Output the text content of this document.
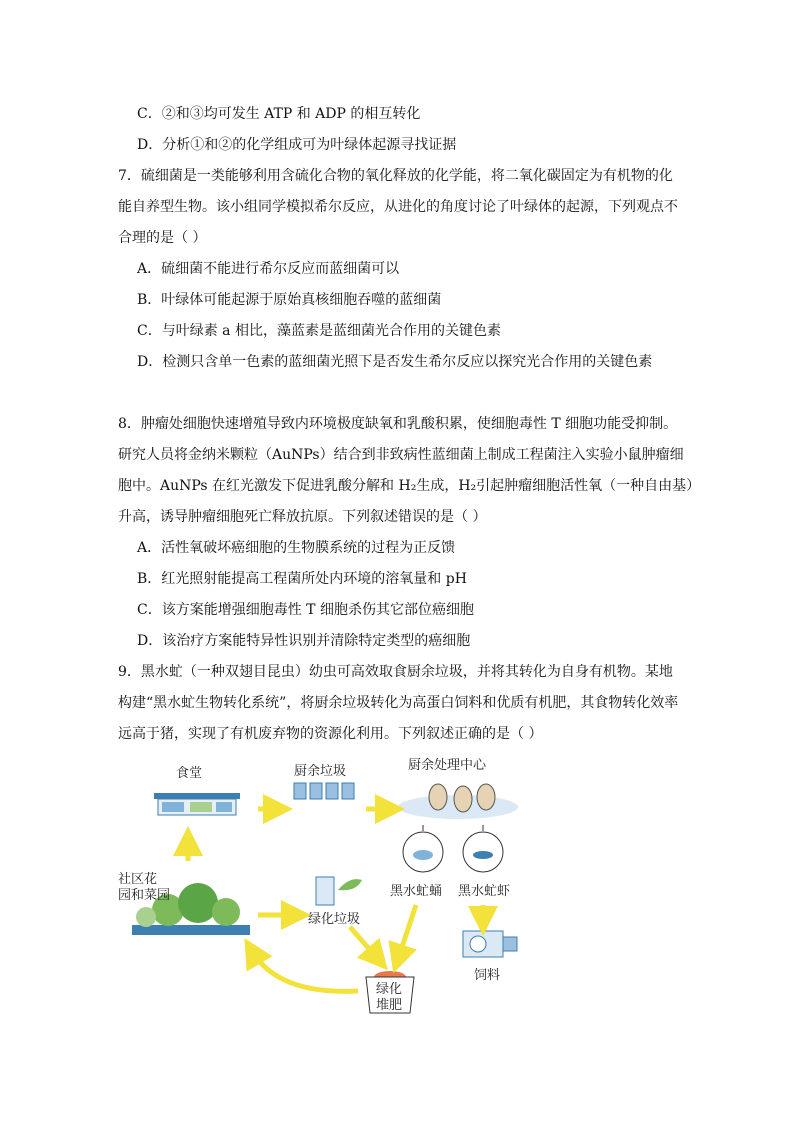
C．②和③均可发生 ATP 和 ADP 的相互转化
D．分析①和②的化学组成可为叶绿体起源寻找证据
7．硫细菌是一类能够利用含硫化合物的氧化释放的化学能，将二氧化碳固定为有机物的化
能自养型生物。该小组同学模拟希尔反应，从进化的角度讨论了叶绿体的起源，下列观点不
合理的是（ ）
A．硫细菌不能进行希尔反应而蓝细菌可以
B．叶绿体可能起源于原始真核细胞吞噬的蓝细菌
C．与叶绿素 a 相比，藻蓝素是蓝细菌光合作用的关键色素
D．检测只含单一色素的蓝细菌光照下是否发生希尔反应以探究光合作用的关键色素
8．肿瘤处细胞快速增殖导致内环境极度缺氧和乳酸积累，使细胞毒性 T 细胞功能受抑制。
研究人员将金纳米颗粒（AuNPs）结合到非致病性蓝细菌上制成工程菌注入实验小鼠肿瘤细
胞中。AuNPs 在红光激发下促进乳酸分解和 H₂生成，H₂引起肿瘤细胞活性氧（一种自由基）
升高，诱导肿瘤细胞死亡释放抗原。下列叙述错误的是（ ）
A．活性氧破坏癌细胞的生物膜系统的过程为正反馈
B．红光照射能提高工程菌所处内环境的溶氧量和 pH
C．该方案能增强细胞毒性 T 细胞杀伤其它部位癌细胞
D．该治疗方案能特异性识别并清除特定类型的癌细胞
9．黑水虻（一种双翅目昆虫）幼虫可高效取食厨余垃圾，并将其转化为自身有机物。某地
构建“黑水虻生物转化系统”，将厨余垃圾转化为高蛋白饲料和优质有机肥，其食物转化效率
远高于猪，实现了有机废弃物的资源化利用。下列叙述正确的是（ ）
食堂	厨余垃圾	厨余处理中心
黑水虻蛹 黑水虻虾
社区花
园和菜园
绿化垃圾
饲料
绿化
堆肥
